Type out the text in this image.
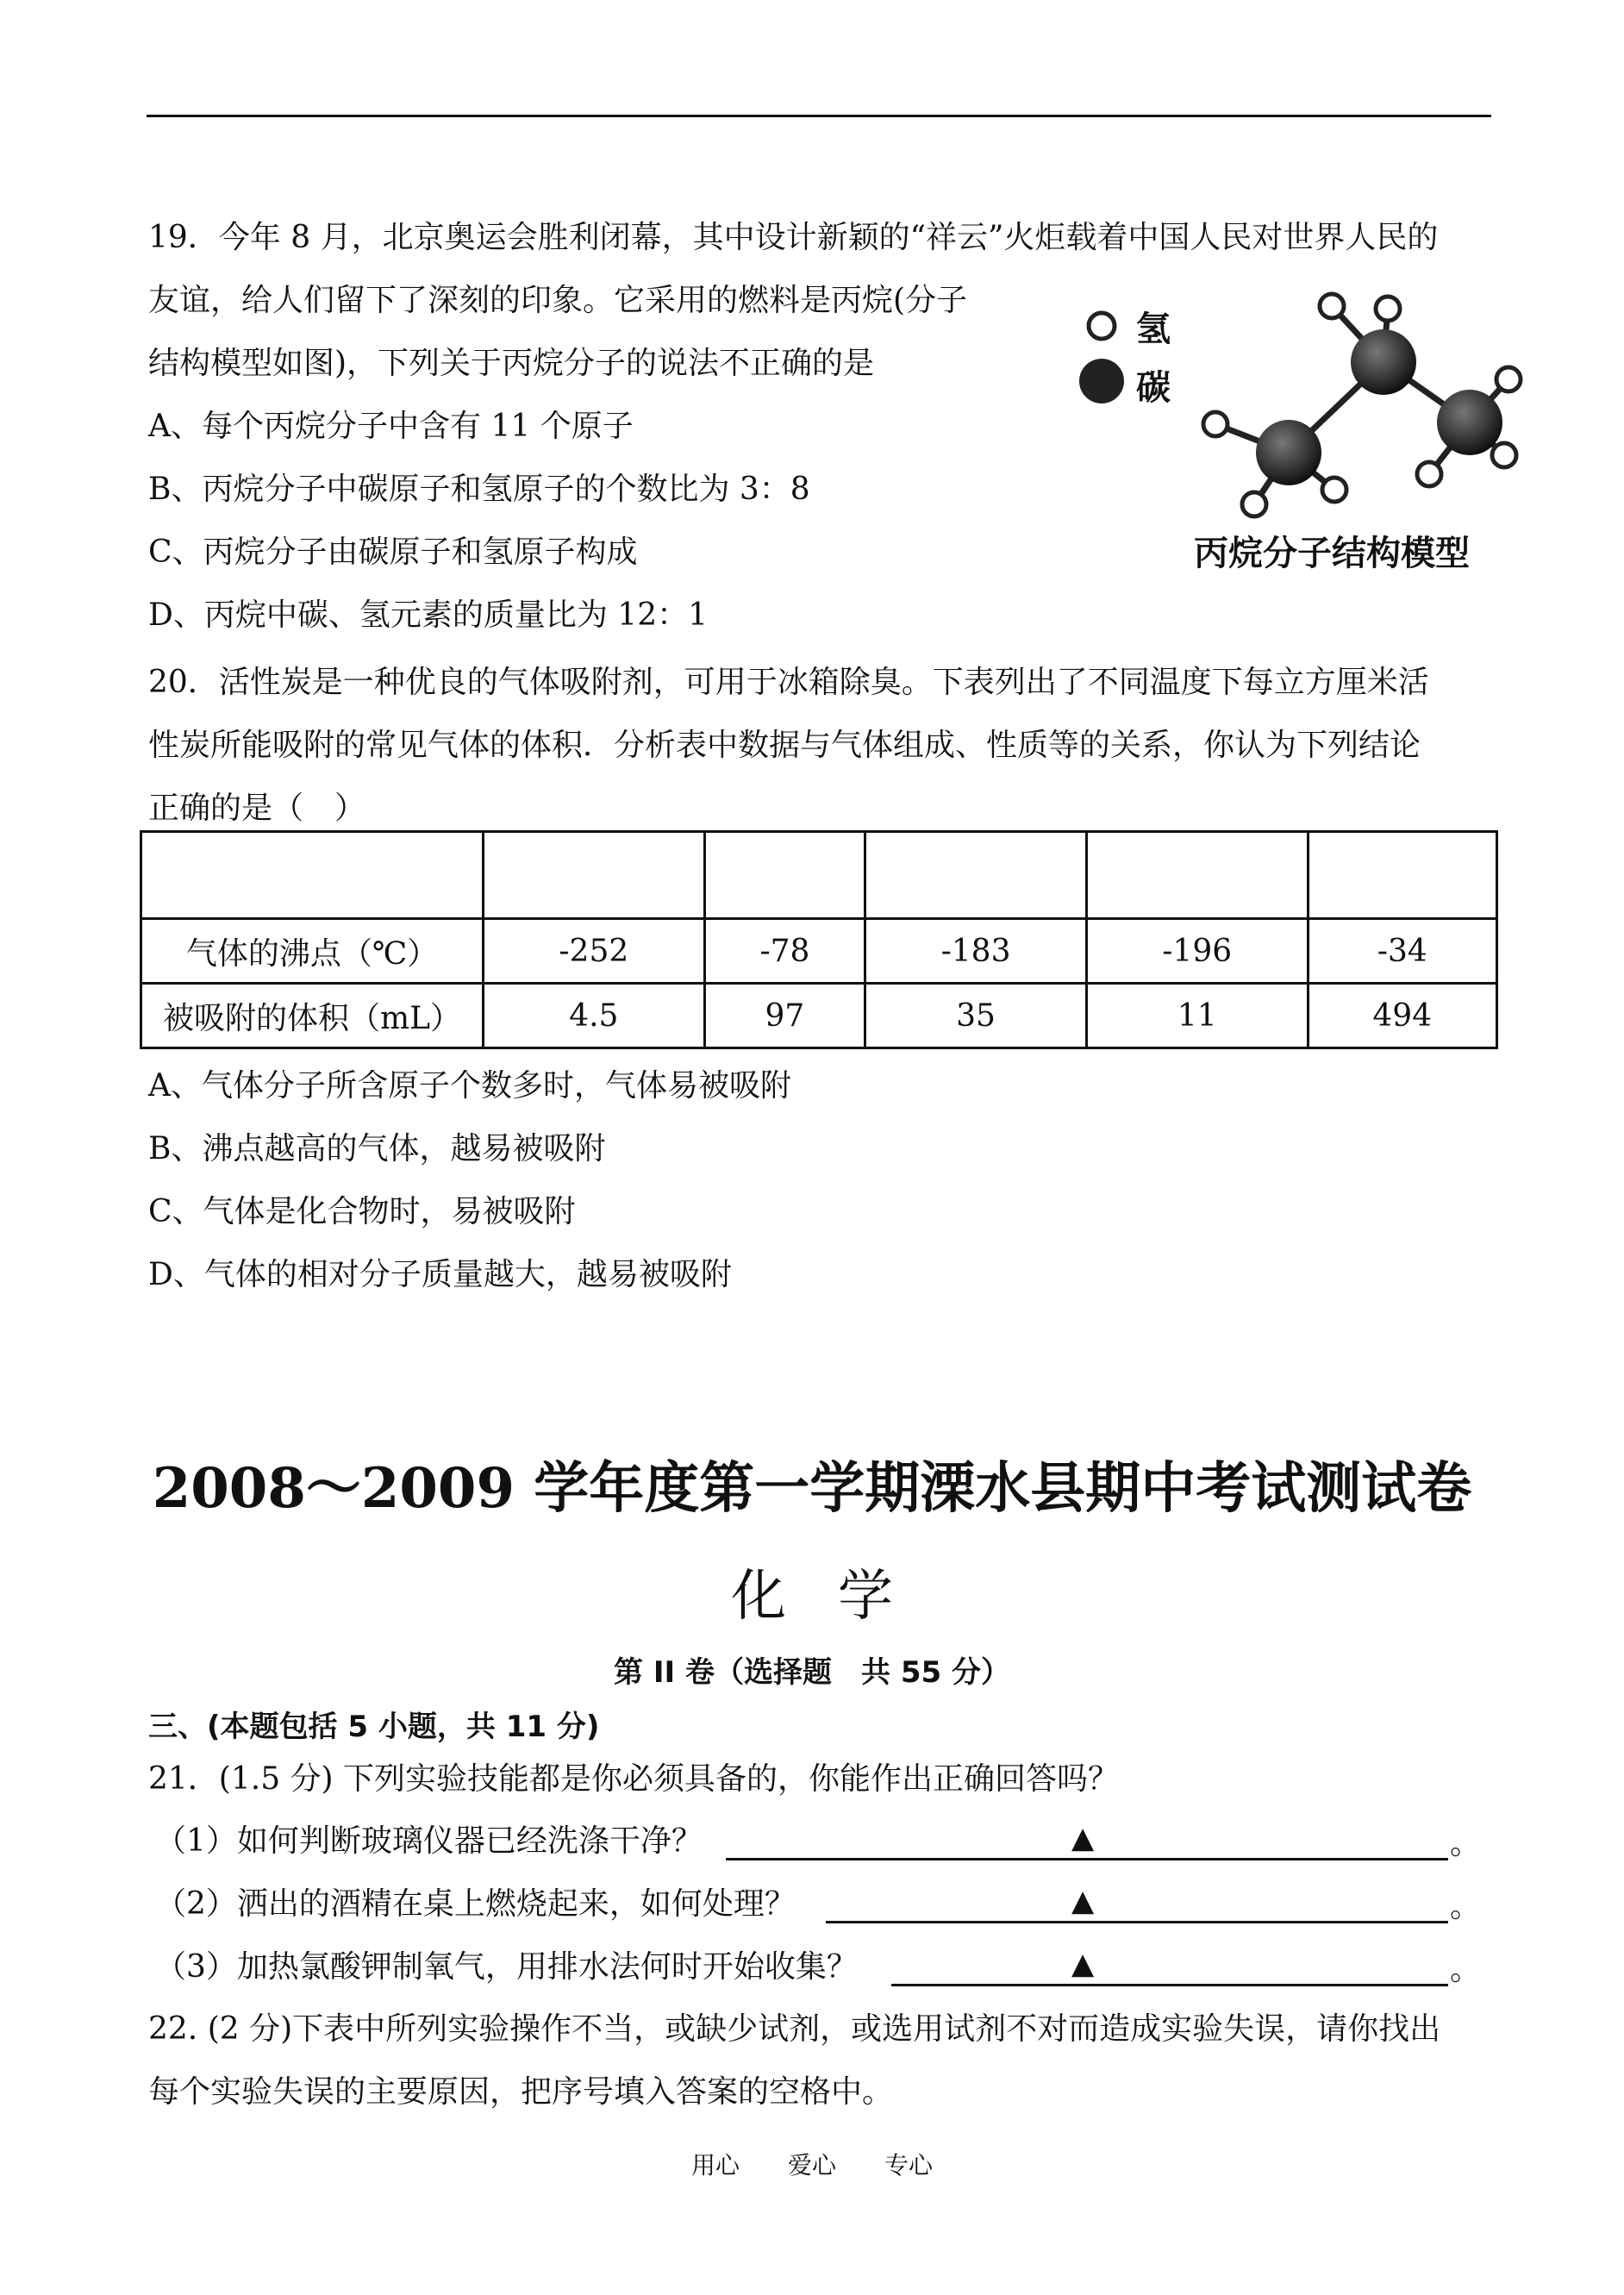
19．今年 8 月，北京奥运会胜利闭幕，其中设计新颖的“祥云”火炬载着中国人民对世界人民的
友谊，给人们留下了深刻的印象。它采用的燃料是丙烷(分子
结构模型如图)，下列关于丙烷分子的说法不正确的是
A、每个丙烷分子中含有 11 个原子
B、丙烷分子中碳原子和氢原子的个数比为 3：8
C、丙烷分子由碳原子和氢原子构成
D、丙烷中碳、氢元素的质量比为 12：1
氢
碳
丙烷分子结构模型
20．活性炭是一种优良的气体吸附剂，可用于冰箱除臭。下表列出了不同温度下每立方厘米活
性炭所能吸附的常见气体的体积．分析表中数据与气体组成、性质等的关系，你认为下列结论
正确的是（　）

气体的沸点（℃）	-252	-78	-183	-196	-34
被吸附的体积（mL）	4.5	97	35	11	494
A、气体分子所含原子个数多时，气体易被吸附
B、沸点越高的气体，越易被吸附
C、气体是化合物时，易被吸附
D、气体的相对分子质量越大，越易被吸附
2008～2009 学年度第一学期溧水县期中考试测试卷
化学
第 II 卷（选择题　共 55 分）
三、(本题包括 5 小题，共 11 分)
21．(1.5 分) 下列实验技能都是你必须具备的，你能作出正确回答吗？
（1）如何判断玻璃仪器已经洗涤干净？	▲	。
（2）洒出的酒精在桌上燃烧起来，如何处理？	▲	。
（3）加热氯酸钾制氧气，用排水法何时开始收集？	▲	。
22. (2 分)下表中所列实验操作不当，或缺少试剂，或选用试剂不对而造成实验失误，请你找出
每个实验失误的主要原因，把序号填入答案的空格中。
用心　　爱心　　专心
